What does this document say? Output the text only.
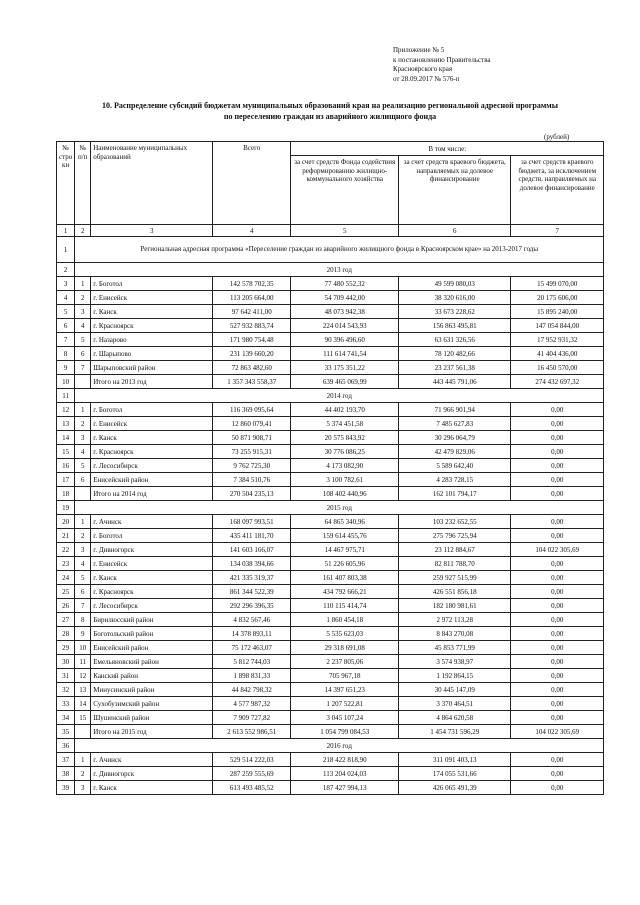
Приложение № 5
к постановлению Правительства
Красноярского края
от 28.09.2017 № 576-п
10. Распределение субсидий бюджетам муниципальных образований края на реализацию региональной адресной программы
по переселению граждан из аварийного жилищного фонда
(рублей)
№ стро ки	№ п/п	Наименование муниципальных образований	Всего	В том числе:		
				за счет средств Фонда содействия реформированию жилищно-коммунального хозяйства	за счет средств краевого бюджета, направляемых на долевое финансирование	за счет средств краевого бюджета, за исключением средств, направляемых на долевое финансирование
1	2	3	4	5	6	7
1	Региональная адресная программа «Переселение граждан из аварийного жилищного фонда в Красноярском крае» на 2013-2017 годы					
2	2013 год					
3	1	г. Боготол	142 578 702,35	77 480 552,32	49 599 080,03	15 499 070,00
4	2	г. Енисейск	113 205 664,00	54 709 442,00	38 320 616,00	20 175 606,00
5	3	г. Канск	97 642 411,00	48 073 942,38	33 673 228,62	15 895 240,00
6	4	г. Красноярск	527 932 883,74	224 014 543,93	156 863 495,81	147 054 844,00
7	5	г. Назарово	171 980 754,48	90 396 496,60	63 631 326,56	17 952 931,32
8	6	г. Шарыпово	231 139 660,20	111 614 741,54	78 120 482,66	41 404 436,00
9	7	Шарыповский район	72 863 482,60	33 175 351,22	23 237 561,38	16 450 570,00
10		Итого на 2013 год	1 357 343 558,37	639 465 069,99	443 445 791,06	274 432 697,32
11	2014 год					
12	1	г. Боготол	116 369 095,64	44 402 193,70	71 966 901,94	0,00
13	2	г. Енисейск	12 860 079,41	5 374 451,58	7 485 627,83	0,00
14	3	г. Канск	50 871 908,71	20 575 843,92	30 296 064,79	0,00
15	4	г. Красноярск	73 255 915,31	30 776 086,25	42 479 829,06	0,00
16	5	г. Лесосибирск	9 762 725,30	4 173 082,90	5 589 642,40	0,00
17	6	Енисейский район	7 384 510,76	3 100 782,61	4 283 728,15	0,00
18		Итого на 2014 год	270 504 235,13	108 402 440,96	162 101 794,17	0,00
19	2015 год					
20	1	г. Ачинск	168 097 993,51	64 865 340,96	103 232 652,55	0,00
21	2	г. Боготол	435 411 181,70	159 614 455,76	275 796 725,94	0,00
22	3	г. Дивногорск	141 603 166,07	14 467 975,71	23 112 884,67	104 022 305,69
23	4	г. Енисейск	134 038 394,66	51 226 605,96	82 811 788,70	0,00
24	5	г. Канск	421 335 319,37	161 407 803,38	259 927 515,99	0,00
25	6	г. Красноярск	861 344 522,39	434 792 666,21	426 551 856,18	0,00
26	7	г. Лесосибирск	292 296 396,35	110 115 414,74	182 180 981,61	0,00
27	8	Бирилюсский район	4 832 567,46	1 860 454,18	2 972 113,28	0,00
28	9	Боготольский район	14 378 893,11	5 535 623,03	8 843 270,08	0,00
29	10	Енисейский район	75 172 463,07	29 318 691,08	45 853 771,99	0,00
30	11	Емельяновский район	5 812 744,03	2 237 805,06	3 574 938,97	0,00
31	12	Канский район	1 898 831,33	705 967,18	1 192 864,15	0,00
32	13	Минусинский район	44 842 798,32	14 397 651,23	30 445 147,09	0,00
33	14	Сухобузимский район	4 577 987,32	1 207 522,81	3 370 464,51	0,00
34	15	Шушенский район	7 909 727,82	3 045 107,24	4 864 620,58	0,00
35		Итого на 2015 год	2 613 552 986,51	1 054 799 084,53	1 454 731 596,29	104 022 305,69
36	2016 год					
37	1	г. Ачинск	529 514 222,03	218 422 818,90	311 091 403,13	0,00
38	2	г. Дивногорск	287 259 555,69	113 204 024,03	174 055 531,66	0,00
39	3	г. Канск	613 493 485,52	187 427 994,13	426 065 491,39	0,00
